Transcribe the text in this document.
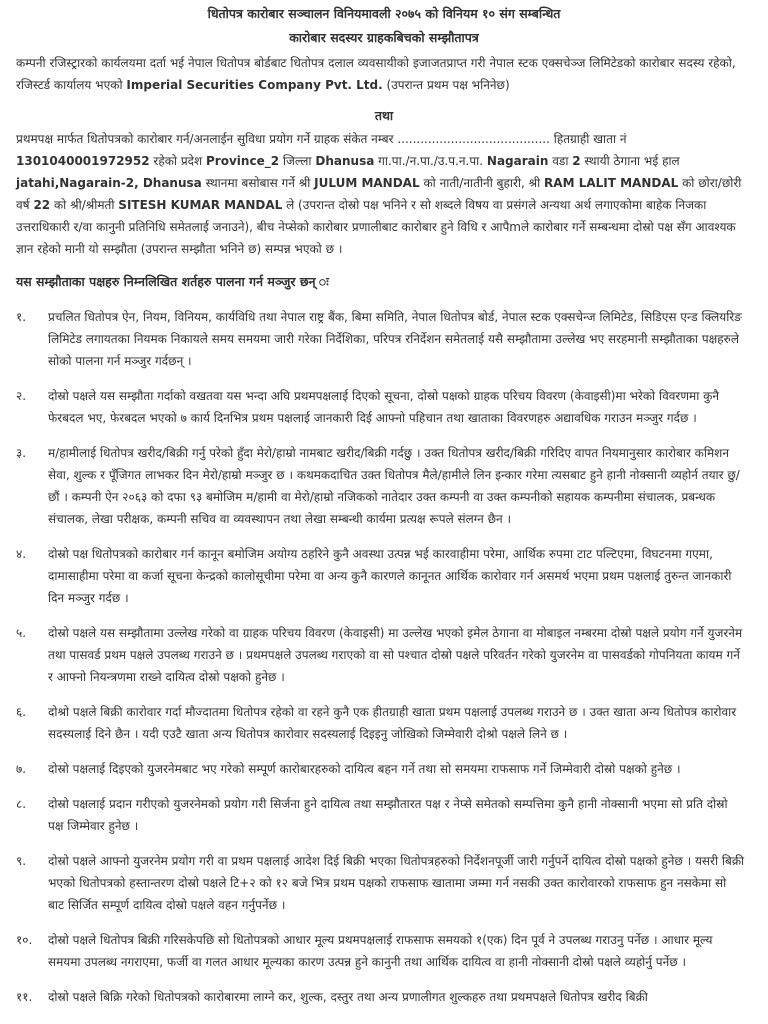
धितोपत्र कारोबार सञ्चालन विनियमावली २०७५ को विनियम १० संग सम्बन्धित

कारोबार सदस्यर ग्राहकबिचको सम्झौतापत्र

कम्पनी रजिस्ट्रारको कार्यलयमा दर्ता भई नेपाल धितोपत्र बोर्डबाट धितोपत्र दलाल व्यवसायीको इजाजतप्राप्त गरी नेपाल स्टक एक्सचेञ्ज लिमिटेडको कारोबार सदस्य रहेको, रजिस्टर्ड कार्यालय भएको Imperial Securities Company Pvt. Ltd. (उपरान्त प्रथम पक्ष भनिनेछ)

तथा

प्रथमपक्ष मार्फत धितोपत्रको कारोबार गर्न/अनलाईन सुविधा प्रयोग गर्ने ग्राहक संकेत नम्बर ........................................ हितग्राही खाता नं 1301040001972952 रहेको प्रदेश Province_2 जिल्ला Dhanusa गा.पा./न.पा./उ.प.न.पा. Nagarain वडा 2 स्थायी ठेगाना भई हाल jatahi,Nagarain-2, Dhanusa स्थानमा बसोबास गर्ने श्री JULUM MANDAL को नाती/नातीनी बुहारी, श्री RAM LALIT MANDAL को छोरा/छोरी वर्ष 22 को श्री/श्रीमती SITESH KUMAR MANDAL ले (उपरान्त दोस्रो पक्ष भनिने र सो शब्दले विषय वा प्रसंगले अन्यथा अर्थ लगाएकोमा बाहेक निजका उत्तराधिकारी र/वा कानुनी प्रतिनिधि समेतलाई जनाउने), बीच नेप्सेको कारोबार प्रणालीबाट कारोबार हुने विधि र आपैmले कारोबार गर्ने सम्बन्धमा दोस्रो पक्ष सँग आवश्यक ज्ञान रहेको मानी यो सम्झौता (उपरान्त सम्झौता भनिने छ) सम्पन्न भएको छ ।

यस सम्झौताका पक्षहरु निम्नलिखित शर्तहरु पालना गर्न मञ्जुर छन् ः

१.	प्रचलित धितोपत्र ऐन, नियम, विनियम, कार्यविधि तथा नेपाल राष्ट्र बैंक, बिमा समिति, नेपाल धितोपत्र बोर्ड, नेपाल स्टक एक्सचेन्ज लिमिटेड, सिडिएस एन्ड क्लियरिङ लिमिटेड लगायतका नियमक निकायले समय समयमा जारी गरेका निर्देशिका, परिपत्र रनिर्देशन समेतलाई यसै सम्झौतामा उल्लेख भए सरहमानी सम्झौताका पक्षहरुले सोको पालना गर्न मञ्जुर गर्दछन् ।
२.	दोस्रो पक्षले यस सम्झौता गर्दाको वखतवा यस भन्दा अघि प्रथमपक्षलाई दिएको सूचना, दोस्रो पक्षको ग्राहक परिचय विवरण (केवाइसी)मा भरेको विवरणमा कुनै फेरबदल भए, फेरबदल भएको ७ कार्य दिनभित्र प्रथम पक्षलाई जानकारी दिई आफ्नो पहिचान तथा खाताका विवरणहरु अद्यावधिक गराउन मञ्जुर गर्दछ ।
३.	म/हामीलाई धितोपत्र खरीद/बिक्री गर्नु परेको हुँदा मेरो/हाम्रो नामबाट खरीद/बिक्री गर्दछु । उक्त धितोपत्र खरीद/बिक्री गरिदिए वापत नियमानुसार कारोबार कमिशन सेवा, शुल्क र पूँजिगत लाभकर दिन मेरो/हाम्रो मञ्जुर छ । कथमकदाचित उक्त धितोपत्र मैले/हामीले लिन इन्कार गरेमा त्यसबाट हुने हानी नोक्सानी व्यहोर्न तयार छु/छौं । कम्पनी ऐन २०६३ को दफा ९३ बमोजिम म/हामी वा मेरो/हाम्रो नजिकको नातेदार उक्त कम्पनी वा उक्त कम्पनीको सहायक कम्पनीमा संचालक, प्रबन्धक संचालक, लेखा परीक्षक, कम्पनी सचिव वा व्यवस्थापन तथा लेखा सम्बन्धी कार्यमा प्रत्यक्ष रूपले संलग्न छैन ।
४.	दोस्रो पक्ष धितोपत्रको कारोबार गर्न कानून बमोजिम अयोग्य ठहरिने कुनै अवस्था उत्पन्न भई कारवाहीमा परेमा, आर्थिक रुपमा टाट पल्टिएमा, विघटनमा गएमा, दामासाहीमा परेमा वा कर्जा सूचना केन्द्रको कालोसूचीमा परेमा वा अन्य कुनै कारणले कानूनत आर्थिक कारोवार गर्न असमर्थ भएमा प्रथम पक्षलाई तुरुन्त जानकारी दिन मञ्जुर गर्दछ ।
५.	दोस्रो पक्षले यस सम्झौतामा उल्लेख गरेको वा ग्राहक परिचय विवरण (केवाइसी) मा उल्लेख भएको इमेल ठेगाना वा मोबाइल नम्बरमा दोस्रो पक्षले प्रयोग गर्ने युजरनेम तथा पासवर्ड प्रथम पक्षले उपलब्ध गराउने छ । प्रथमपक्षले उपलब्ध गराएको वा सो पश्चात दोस्रो पक्षले परिवर्तन गरेको युजरनेम वा पासवर्डको गोपनियता कायम गर्ने र आफ्नो नियन्त्रणमा राख्ने दायित्व दोस्रो पक्षको हुनेछ ।
६.	दोश्रो पक्षले बिक्री कारोवार गर्दा मौज्दातमा धितोपत्र रहेको वा रहने कुनै एक हीतग्राही खाता प्रथम पक्षलाई उपलब्ध गराउने छ । उक्त खाता अन्य धितोपत्र कारोवार सदस्यलाई दिने छैन । यदी एउटै खाता अन्य धितोपत्र कारोवार सदस्यलाई दिइइनु जोखिको जिम्मेवारी दोश्रो पक्षले लिने छ ।
७.	दोस्रो पक्षलाई दिइएको युजरनेमबाट भए गरेको सम्पूर्ण कारोबारहरुको दायित्व बहन गर्ने तथा सो समयमा राफसाफ गर्ने जिम्मेवारी दोस्रो पक्षको हुनेछ ।
८.	दोस्रो पक्षलाई प्रदान गरीएको युजरनेमको प्रयोग गरी सिर्जना हुने दायित्व तथा सम्झौतारत पक्ष र नेप्से समेतको सम्पत्तिमा कुनै हानी नोक्सानी भएमा सो प्रति दोस्रो पक्ष जिम्मेवार हुनेछ ।
९.	दोस्रो पक्षले आफ्नो युजरनेम प्रयोग गरी वा प्रथम पक्षलाई आदेश दिई बिक्री भएका धितोपत्रहरुको निर्देशनपूर्जी जारी गर्नुपर्ने दायित्व दोस्रो पक्षको हुनेछ । यसरी बिक्री भएको धितोपत्रको हस्तान्तरण दोस्रो पक्षले टि+२ को १२ बजे भित्र प्रथम पक्षको राफसाफ खातामा जम्मा गर्न नसकी उक्त कारोवारको राफसाफ हुन नसकेमा सो बाट सिर्जित सम्पूर्ण दायित्व दोस्रो पक्षले वहन गर्नुपर्नेछ ।
१०.	दोस्रो पक्षले धितोपत्र बिक्री गरिसकेपछि सो धितोपत्रको आधार मूल्य प्रथमपक्षलाई राफसाफ समयको १(एक) दिन पूर्व ने उपलब्ध गराउनु पर्नेछ । आधार मूल्य समयमा उपलब्ध नगराएमा, फर्जी वा गलत आधार मूल्यका कारण उत्पन्न हुने कानुनी तथा आर्थिक दायित्व वा हानी नोक्सानी दोस्रो पक्षले व्यहोर्नु पर्नेछ ।
११.	दोस्रो पक्षले बिक्रि गरेको धितोपत्रको कारोबारमा लाग्ने कर, शुल्क, दस्तुर तथा अन्य प्रणालीगत शुल्कहरु तथा प्रथमपक्षले धितोपत्र खरीद बिक्री
